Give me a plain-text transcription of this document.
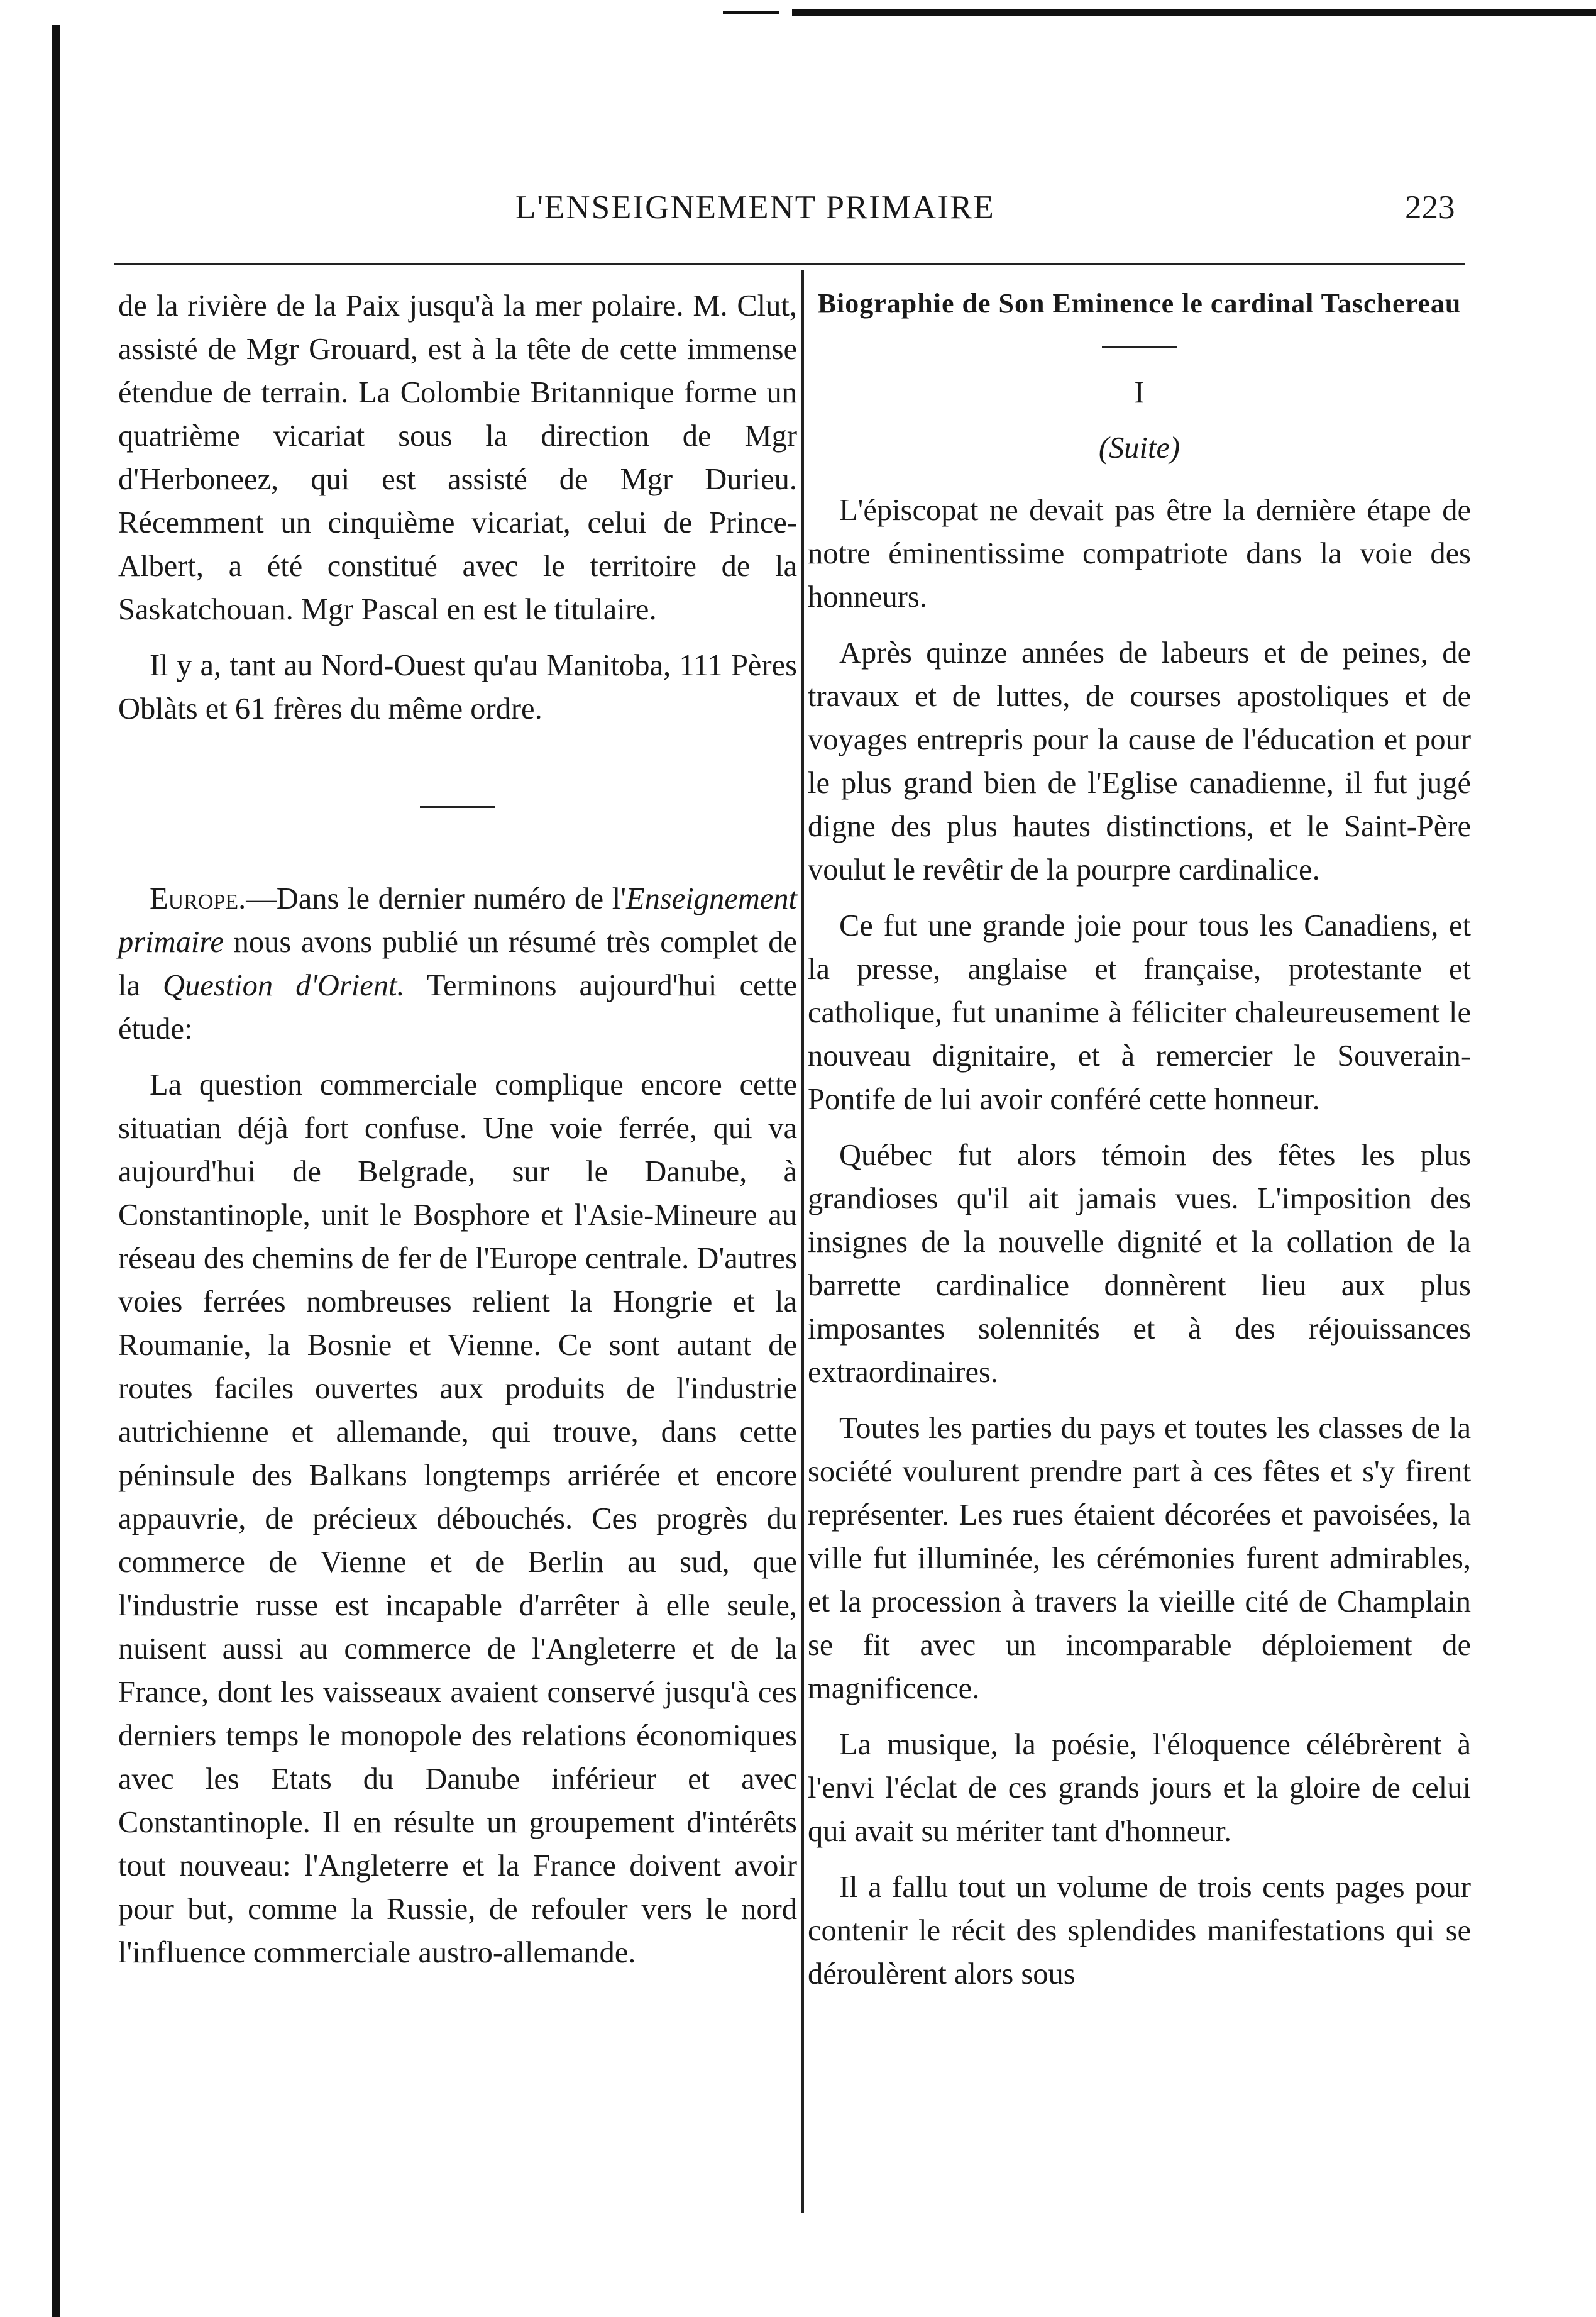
L'ENSEIGNEMENT PRIMAIRE	223

de la rivière de la Paix jusqu'à la mer polaire. M. Clut, assisté de Mgr Grouard, est à la tête de cette immense étendue de terrain. La Colombie Britannique forme un quatrième vicariat sous la direction de Mgr d'Herboneez, qui est assisté de Mgr Durieu. Récemment un cinquième vicariat, celui de Prince-Albert, a été constitué avec le territoire de la Saskatchouan. Mgr Pascal en est le titulaire.

Il y a, tant au Nord-Ouest qu'au Manitoba, 111 Pères Oblàts et 61 frères du même ordre.

Europe.—Dans le dernier numéro de l'Enseignement primaire nous avons publié un résumé très complet de la Question d'Orient. Terminons aujourd'hui cette étude:

La question commerciale complique encore cette situatian déjà fort confuse. Une voie ferrée, qui va aujourd'hui de Belgrade, sur le Danube, à Constantinople, unit le Bosphore et l'Asie-Mineure au réseau des chemins de fer de l'Europe centrale. D'autres voies ferrées nombreuses relient la Hongrie et la Roumanie, la Bosnie et Vienne. Ce sont autant de routes faciles ouvertes aux produits de l'industrie autrichienne et allemande, qui trouve, dans cette péninsule des Balkans longtemps arriérée et encore appauvrie, de précieux débouchés. Ces progrès du commerce de Vienne et de Berlin au sud, que l'industrie russe est incapable d'arrêter à elle seule, nuisent aussi au commerce de l'Angleterre et de la France, dont les vaisseaux avaient conservé jusqu'à ces derniers temps le monopole des relations économiques avec les Etats du Danube inférieur et avec Constantinople. Il en résulte un groupement d'intérêts tout nouveau: l'Angleterre et la France doivent avoir pour but, comme la Russie, de refouler vers le nord l'influence commerciale austro-allemande.

Biographie de Son Eminence le cardinal Taschereau
I
(Suite)

L'épiscopat ne devait pas être la dernière étape de notre éminentissime compatriote dans la voie des honneurs.

Après quinze années de labeurs et de peines, de travaux et de luttes, de courses apostoliques et de voyages entrepris pour la cause de l'éducation et pour le plus grand bien de l'Eglise canadienne, il fut jugé digne des plus hautes distinctions, et le Saint-Père voulut le revêtir de la pourpre cardinalice.

Ce fut une grande joie pour tous les Canadiens, et la presse, anglaise et française, protestante et catholique, fut unanime à féliciter chaleureusement le nouveau dignitaire, et à remercier le Souverain-Pontife de lui avoir conféré cette honneur.

Québec fut alors témoin des fêtes les plus grandioses qu'il ait jamais vues. L'imposition des insignes de la nouvelle dignité et la collation de la barrette cardinalice donnèrent lieu aux plus imposantes solennités et à des réjouissances extraordinaires.

Toutes les parties du pays et toutes les classes de la société voulurent prendre part à ces fêtes et s'y firent représenter. Les rues étaient décorées et pavoisées, la ville fut illuminée, les cérémonies furent admirables, et la procession à travers la vieille cité de Champlain se fit avec un incomparable déploiement de magnificence.

La musique, la poésie, l'éloquence célébrèrent à l'envi l'éclat de ces grands jours et la gloire de celui qui avait su mériter tant d'honneur.

Il a fallu tout un volume de trois cents pages pour contenir le récit des splendides manifestations qui se déroulèrent alors sous
